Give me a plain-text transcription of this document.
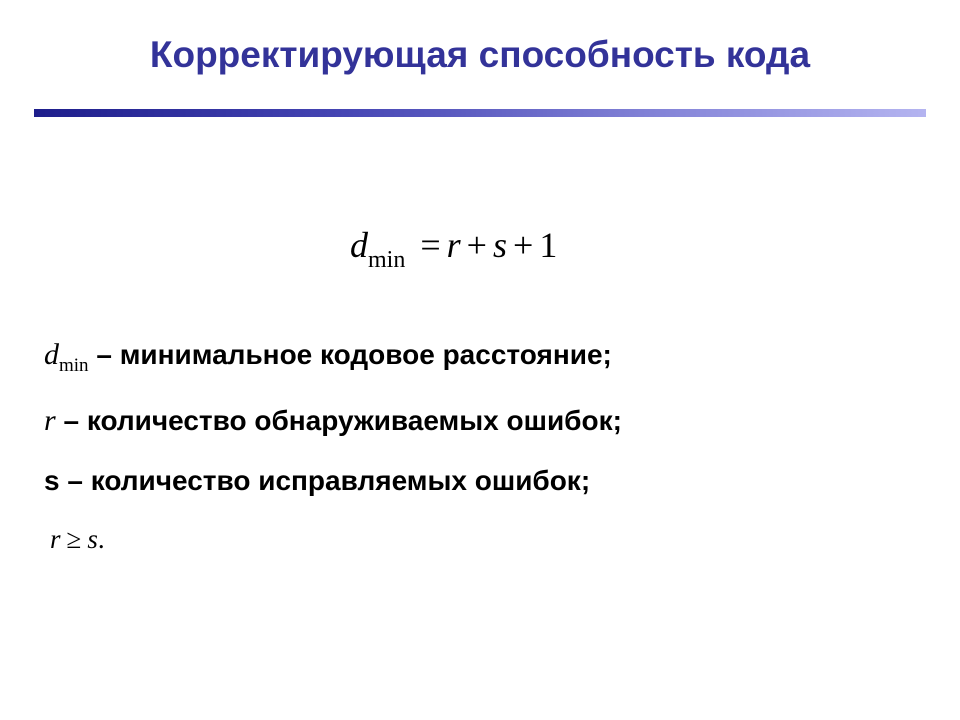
Корректирующая способность кода
$d_{min} = r + s + 1$
$d_{min}$ – минимальное кодовое расстояние;
r – количество обнаруживаемых ошибок;
s – количество исправляемых ошибок;
r ≥ s.
